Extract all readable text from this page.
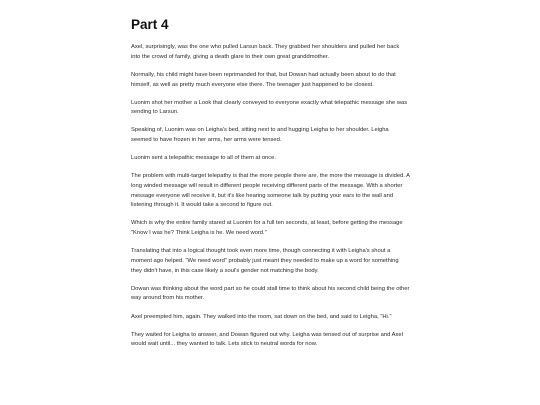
Part 4

Axel, surprisingly, was the one who pulled Larsun back. They grabbed her shoulders and pulled her back into the crowd of family, giving a death glare to their own great granddmother.

Normally, his child might have been reprimanded for that, but Dowan had actually been about to do that himself, as well as pretty much everyone else there. The teenager just happened to be closest.

Luonim shot her mother a Look that clearly conveyed to everyone exactly what telepathic message she was sending to Larsun.

Speaking of, Luonim was on Leigha's bed, sitting next to and hugging Leigha to her shoulder. Leigha seemed to have frozen in her arms, her arms were tensed.

Luonim sent a telepathic message to all of them at once.

The problem with multi-target telepathy is that the more people there are, the more the message is divided. A long winded message will result in different people receiving different parts of the message. With a shorter message everyone will receive it, but it's like hearing someone talk by putting your ears to the wall and listening through it. It would take a second to figure out.

Which is why the entire family stared at Luonim for a full ten seconds, at least, before getting the message "Know I was he? Think Leigha is he. We need word."

Translating that into a logical thought took even more time, though connecting it with Leigha's shout a moment ago helped. "We need word" probably just meant they needed to make up a word for something they didn't have, in this case likely a soul's gender not matching the body.

Dowan was thinking about the word part so he could stall time to think about his second child being the other way around from his mother.

Axel preempted him, again. They walked into the room, sat down on the bed, and said to Leigha, "Hi."

They waited for Leigha to answer, and Dowan figured out why. Leigha was tensed out of surprise and Axel would wait until... they wanted to talk. Lets stick to neutral words for now.
